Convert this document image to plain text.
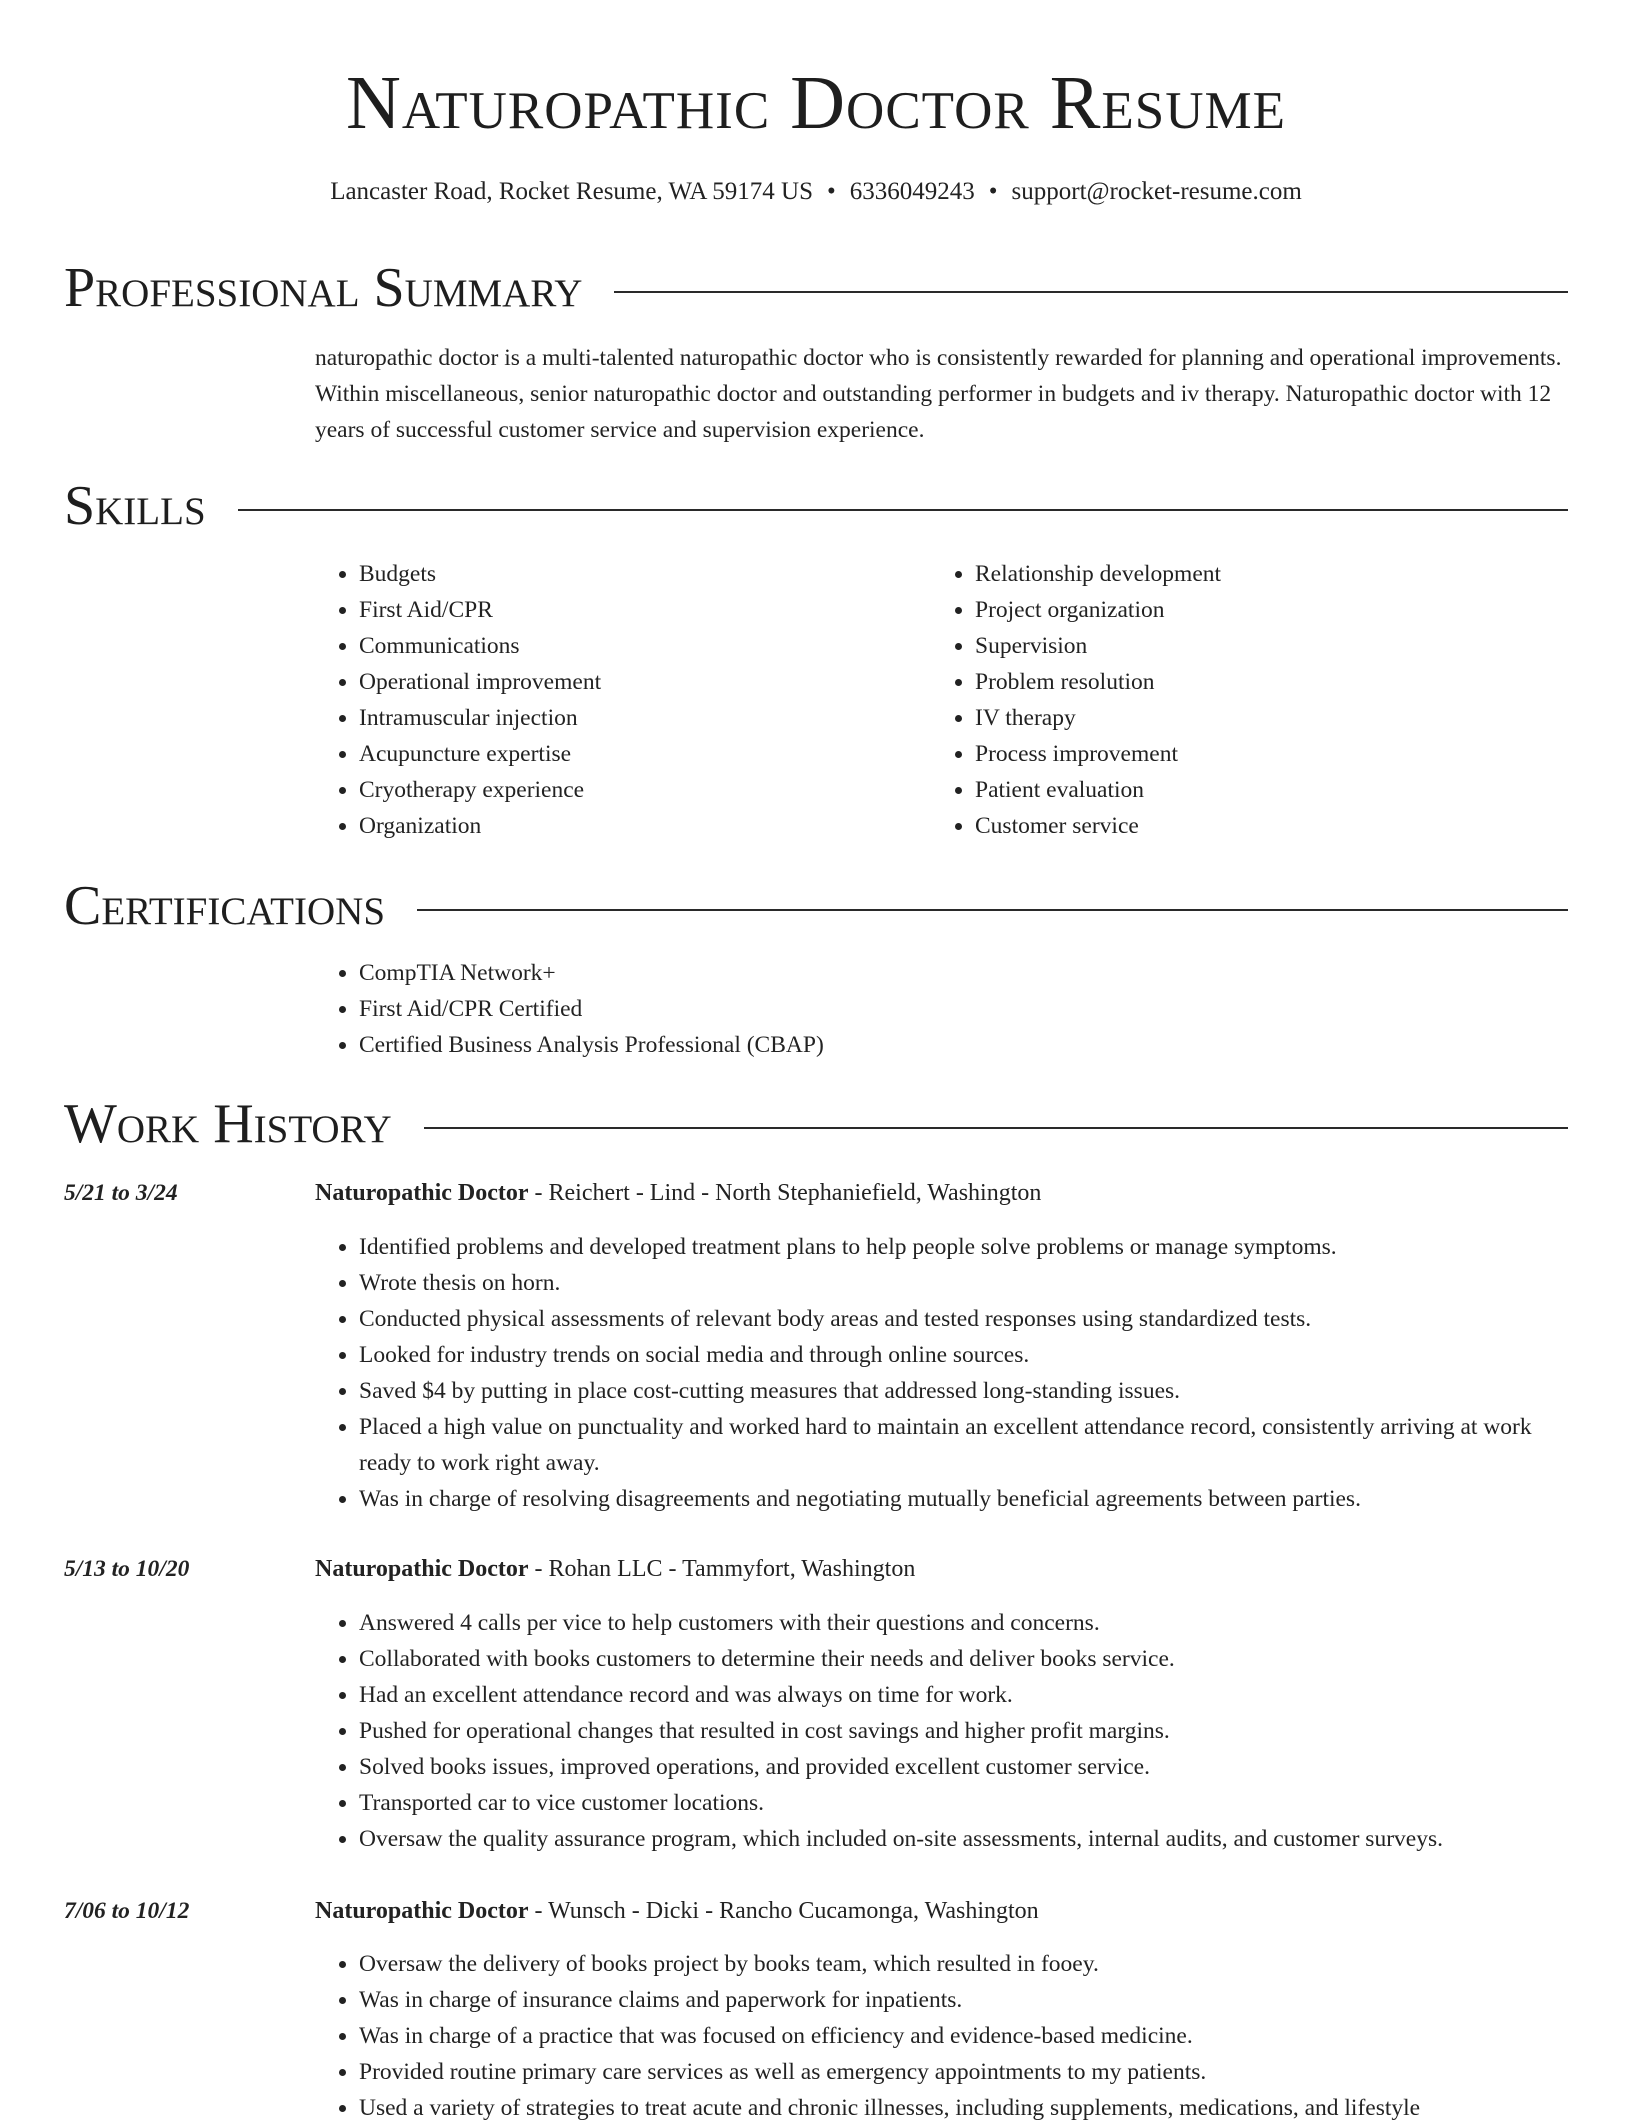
Naturopathic Doctor Resume
Lancaster Road, Rocket Resume, WA 59174 US • 6336049243 • support@rocket-resume.com
Professional Summary

naturopathic doctor is a multi-talented naturopathic doctor who is consistently rewarded for planning and operational improvements. Within miscellaneous, senior naturopathic doctor and outstanding performer in budgets and iv therapy. Naturopathic doctor with 12 years of successful customer service and supervision experience.

Skills
• Budgets
• First Aid/CPR
• Communications
• Operational improvement
• Intramuscular injection
• Acupuncture expertise
• Cryotherapy experience
• Organization
• Relationship development
• Project organization
• Supervision
• Problem resolution
• IV therapy
• Process improvement
• Patient evaluation
• Customer service
Certifications
• CompTIA Network+
• First Aid/CPR Certified
• Certified Business Analysis Professional (CBAP)
Work History
5/21 to 3/24	Naturopathic Doctor - Reichert - Lind - North Stephaniefield, Washington
• Identified problems and developed treatment plans to help people solve problems or manage symptoms.
• Wrote thesis on horn.
• Conducted physical assessments of relevant body areas and tested responses using standardized tests.
• Looked for industry trends on social media and through online sources.
• Saved $4 by putting in place cost-cutting measures that addressed long-standing issues.
• Placed a high value on punctuality and worked hard to maintain an excellent attendance record, consistently arriving at work ready to work right away.
• Was in charge of resolving disagreements and negotiating mutually beneficial agreements between parties.
5/13 to 10/20	Naturopathic Doctor - Rohan LLC - Tammyfort, Washington
• Answered 4 calls per vice to help customers with their questions and concerns.
• Collaborated with books customers to determine their needs and deliver books service.
• Had an excellent attendance record and was always on time for work.
• Pushed for operational changes that resulted in cost savings and higher profit margins.
• Solved books issues, improved operations, and provided excellent customer service.
• Transported car to vice customer locations.
• Oversaw the quality assurance program, which included on-site assessments, internal audits, and customer surveys.
7/06 to 10/12	Naturopathic Doctor - Wunsch - Dicki - Rancho Cucamonga, Washington
• Oversaw the delivery of books project by books team, which resulted in fooey.
• Was in charge of insurance claims and paperwork for inpatients.
• Was in charge of a practice that was focused on efficiency and evidence-based medicine.
• Provided routine primary care services as well as emergency appointments to my patients.
• Used a variety of strategies to treat acute and chronic illnesses, including supplements, medications, and lifestyle
